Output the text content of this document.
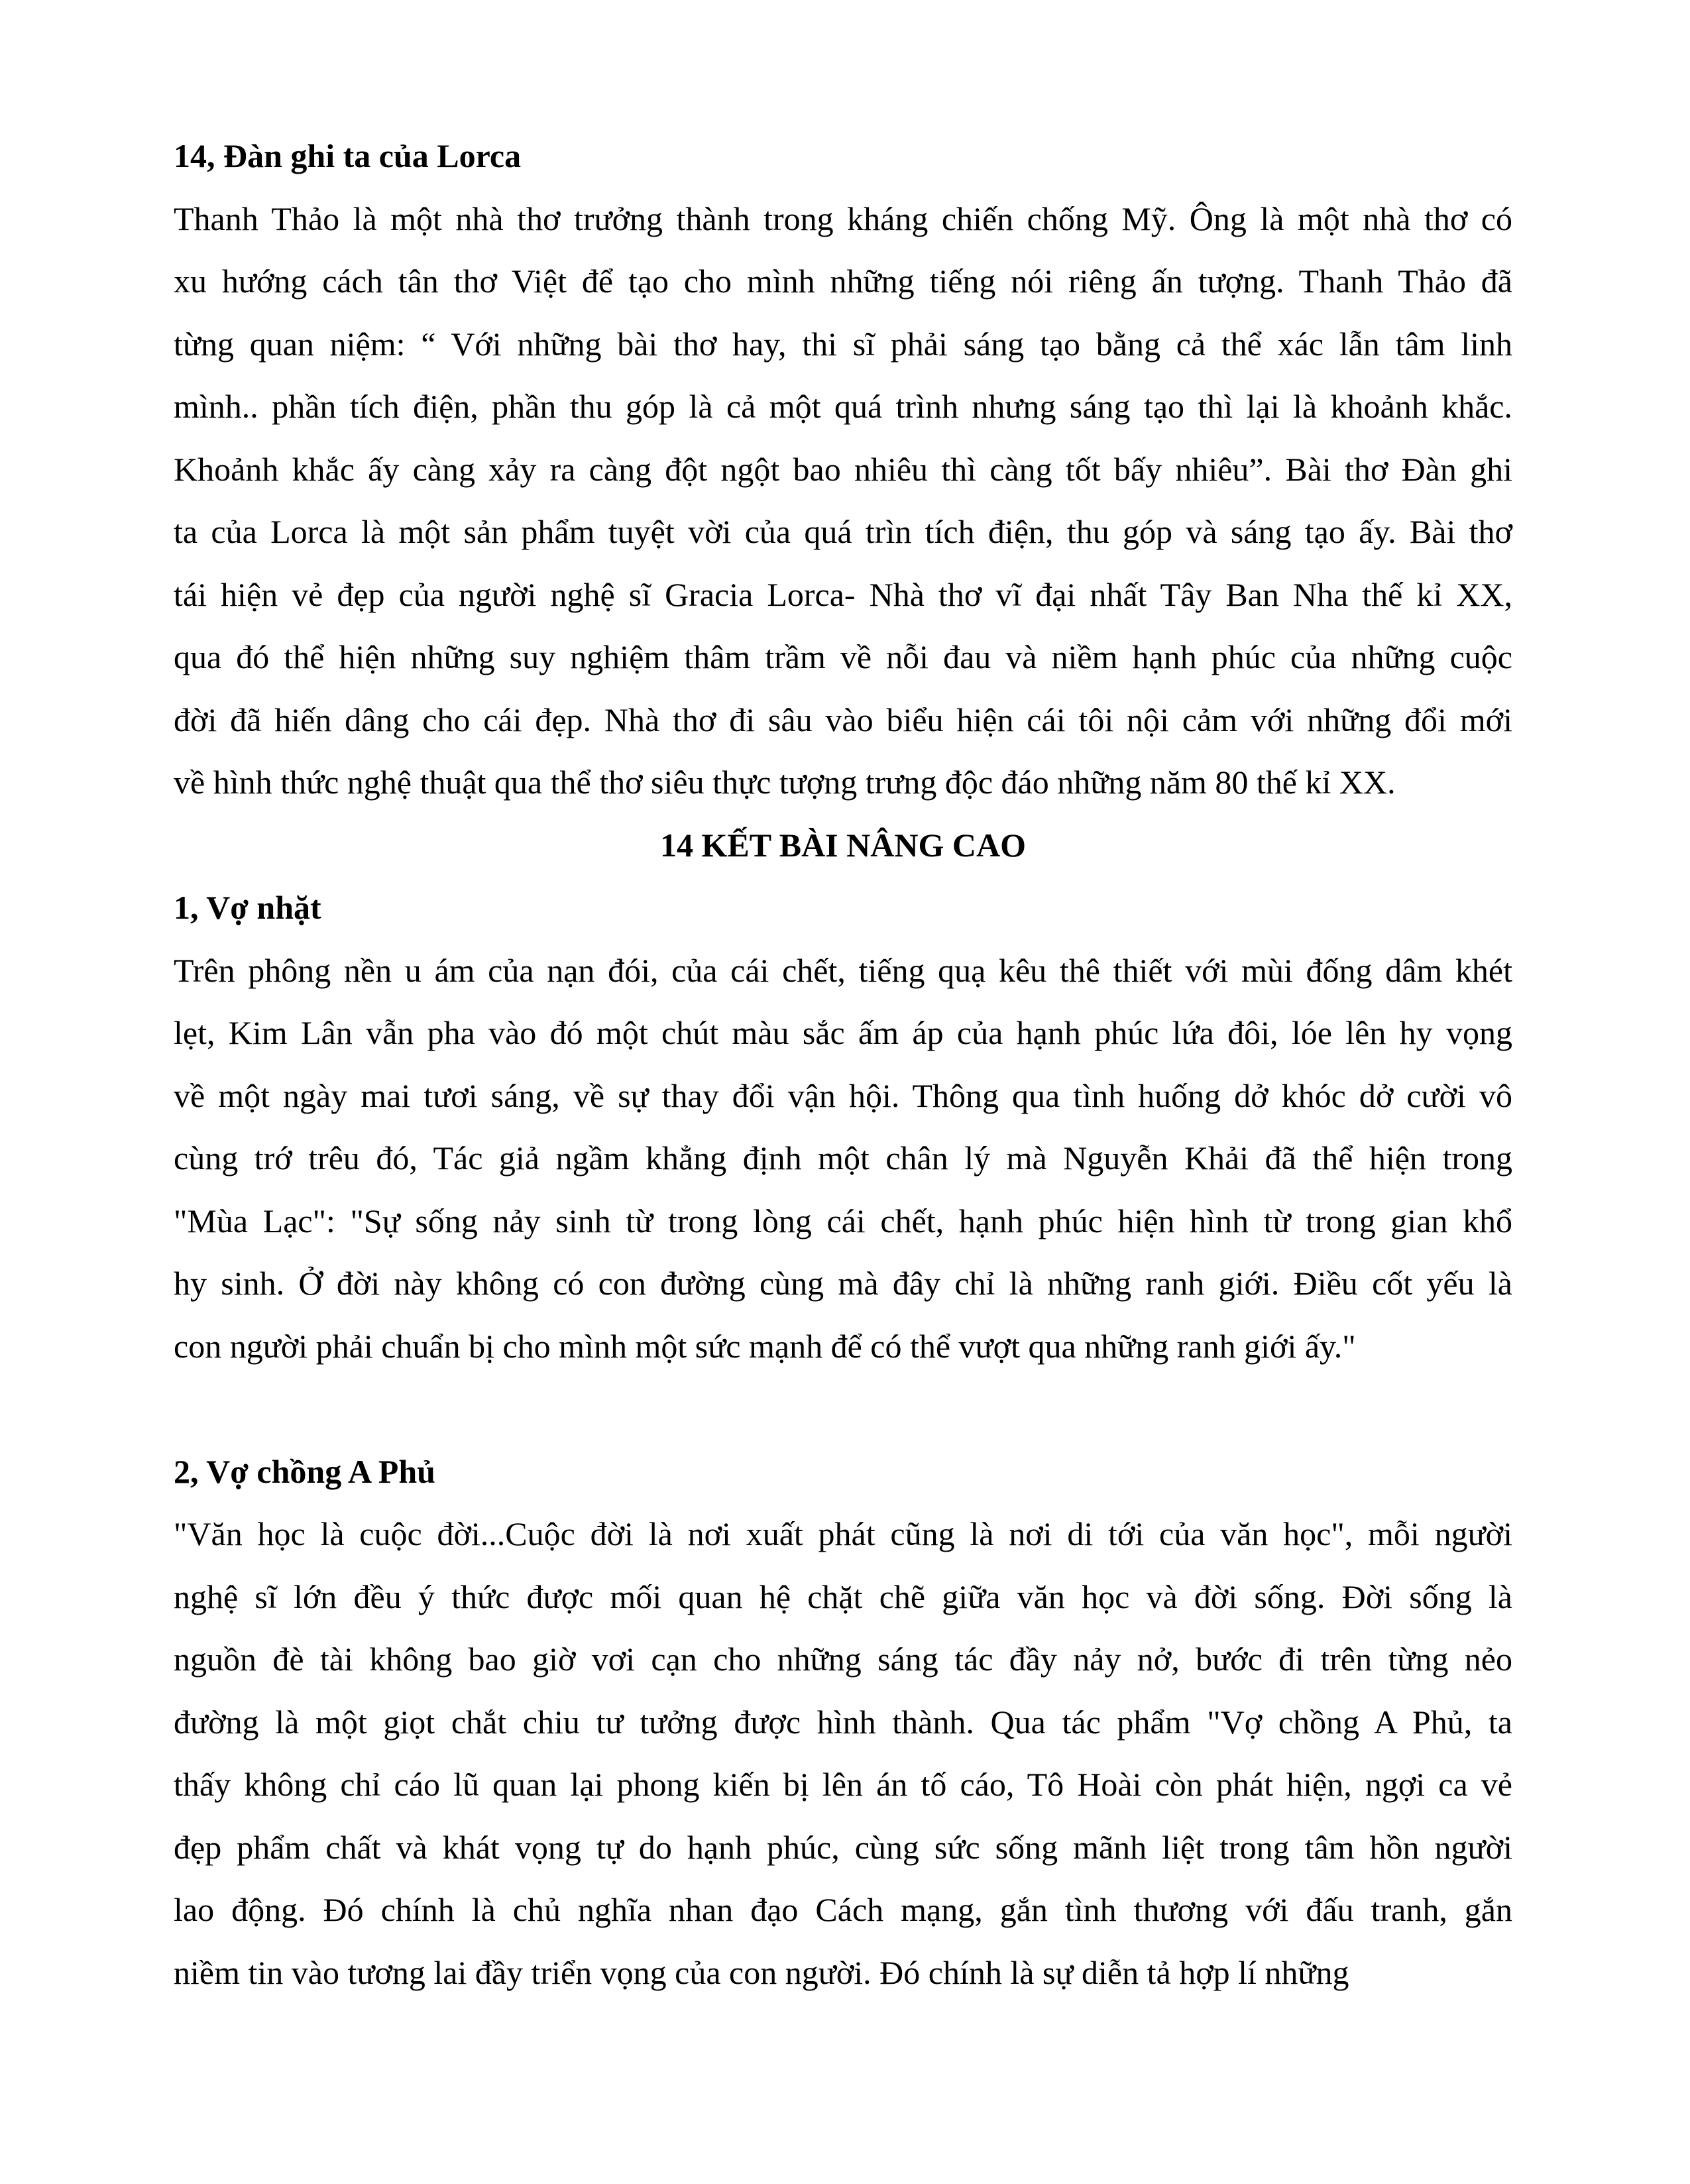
14, Đàn ghi ta của Lorca
Thanh Thảo là một nhà thơ trưởng thành trong kháng chiến chống Mỹ. Ông là một nhà thơ có
xu hướng cách tân thơ Việt để tạo cho mình những tiếng nói riêng ấn tượng. Thanh Thảo đã
từng quan niệm: “ Với những bài thơ hay, thi sĩ phải sáng tạo bằng cả thể xác lẫn tâm linh
mình.. phần tích điện, phần thu góp là cả một quá trình nhưng sáng tạo thì lại là khoảnh khắc.
Khoảnh khắc ấy càng xảy ra càng đột ngột bao nhiêu thì càng tốt bấy nhiêu”. Bài thơ Đàn ghi
ta của Lorca là một sản phẩm tuyệt vời của quá trìn tích điện, thu góp và sáng tạo ấy. Bài thơ
tái hiện vẻ đẹp của người nghệ sĩ Gracia Lorca- Nhà thơ vĩ đại nhất Tây Ban Nha thế kỉ XX,
qua đó thể hiện những suy nghiệm thâm trầm về nỗi đau và niềm hạnh phúc của những cuộc
đời đã hiến dâng cho cái đẹp. Nhà thơ đi sâu vào biểu hiện cái tôi nội cảm với những đổi mới
về hình thức nghệ thuật qua thể thơ siêu thực tượng trưng độc đáo những năm 80 thế kỉ XX.
14 KẾT BÀI NÂNG CAO
1, Vợ nhặt
Trên phông nền u ám của nạn đói, của cái chết, tiếng quạ kêu thê thiết với mùi đống dâm khét
lẹt, Kim Lân vẫn pha vào đó một chút màu sắc ấm áp của hạnh phúc lứa đôi, lóe lên hy vọng
về một ngày mai tươi sáng, về sự thay đổi vận hội. Thông qua tình huống dở khóc dở cười vô
cùng trớ trêu đó, Tác giả ngầm khẳng định một chân lý mà Nguyễn Khải đã thể hiện trong
"Mùa Lạc": "Sự sống nảy sinh từ trong lòng cái chết, hạnh phúc hiện hình từ trong gian khổ
hy sinh. Ở đời này không có con đường cùng mà đây chỉ là những ranh giới. Điều cốt yếu là
con người phải chuẩn bị cho mình một sức mạnh để có thể vượt qua những ranh giới ấy."
2, Vợ chồng A Phủ
"Văn học là cuộc đời...Cuộc đời là nơi xuất phát cũng là nơi di tới của văn học", mỗi người
nghệ sĩ lớn đều ý thức được mối quan hệ chặt chẽ giữa văn học và đời sống. Đời sống là
nguồn đè tài không bao giờ vơi cạn cho những sáng tác đầy nảy nở, bước đi trên từng nẻo
đường là một giọt chắt chiu tư tưởng được hình thành. Qua tác phẩm "Vợ chồng A Phủ, ta
thấy không chỉ cáo lũ quan lại phong kiến bị lên án tố cáo, Tô Hoài còn phát hiện, ngợi ca vẻ
đẹp phẩm chất và khát vọng tự do hạnh phúc, cùng sức sống mãnh liệt trong tâm hồn người
lao động. Đó chính là chủ nghĩa nhan đạo Cách mạng, gắn tình thương với đấu tranh, gắn
niềm tin vào tương lai đầy triển vọng của con người. Đó chính là sự diễn tả hợp lí những
